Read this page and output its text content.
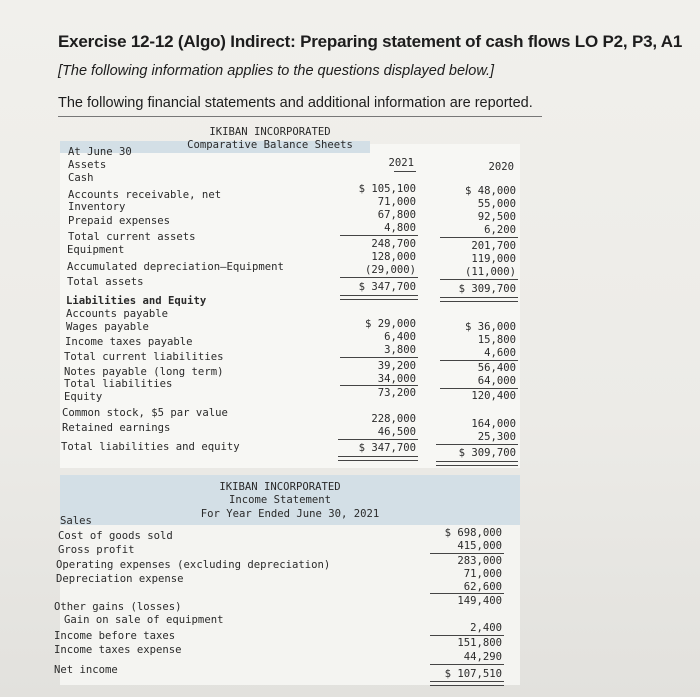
Exercise 12-12 (Algo) Indirect: Preparing statement of cash flows LO P2, P3, A1
[The following information applies to the questions displayed below.]
The following financial statements and additional information are reported.
IKIBAN INCORPORATED
Comparative Balance Sheets
At June 30
2021	2020
Assets
Cash
Accounts receivable, net
Inventory
Prepaid expenses
Total current assets
Equipment
Accumulated depreciation—Equipment
Total assets
Liabilities and Equity
Accounts payable
Wages payable
Income taxes payable
Total current liabilities
Notes payable (long term)
Total liabilities
Equity
Common stock, $5 par value
Retained earnings
Total liabilities and equity
$ 105,100
71,000
67,800
4,800
248,700
128,000
(29,000)
$ 347,700
$ 29,000
6,400
3,800
39,200
34,000
73,200
228,000
46,500
$ 347,700
$ 48,000
55,000
92,500
6,200
201,700
119,000
(11,000)
$ 309,700
$ 36,000
15,800
4,600
56,400
64,000
120,400
164,000
25,300
$ 309,700
IKIBAN INCORPORATED
Income Statement
For Year Ended June 30, 2021
Sales
Cost of goods sold
Gross profit
Operating expenses (excluding depreciation)
Depreciation expense
Other gains (losses)
Gain on sale of equipment
Income before taxes
Income taxes expense
Net income
$ 698,000
415,000
283,000
71,000
62,600
149,400
2,400
151,800
44,290
$ 107,510
